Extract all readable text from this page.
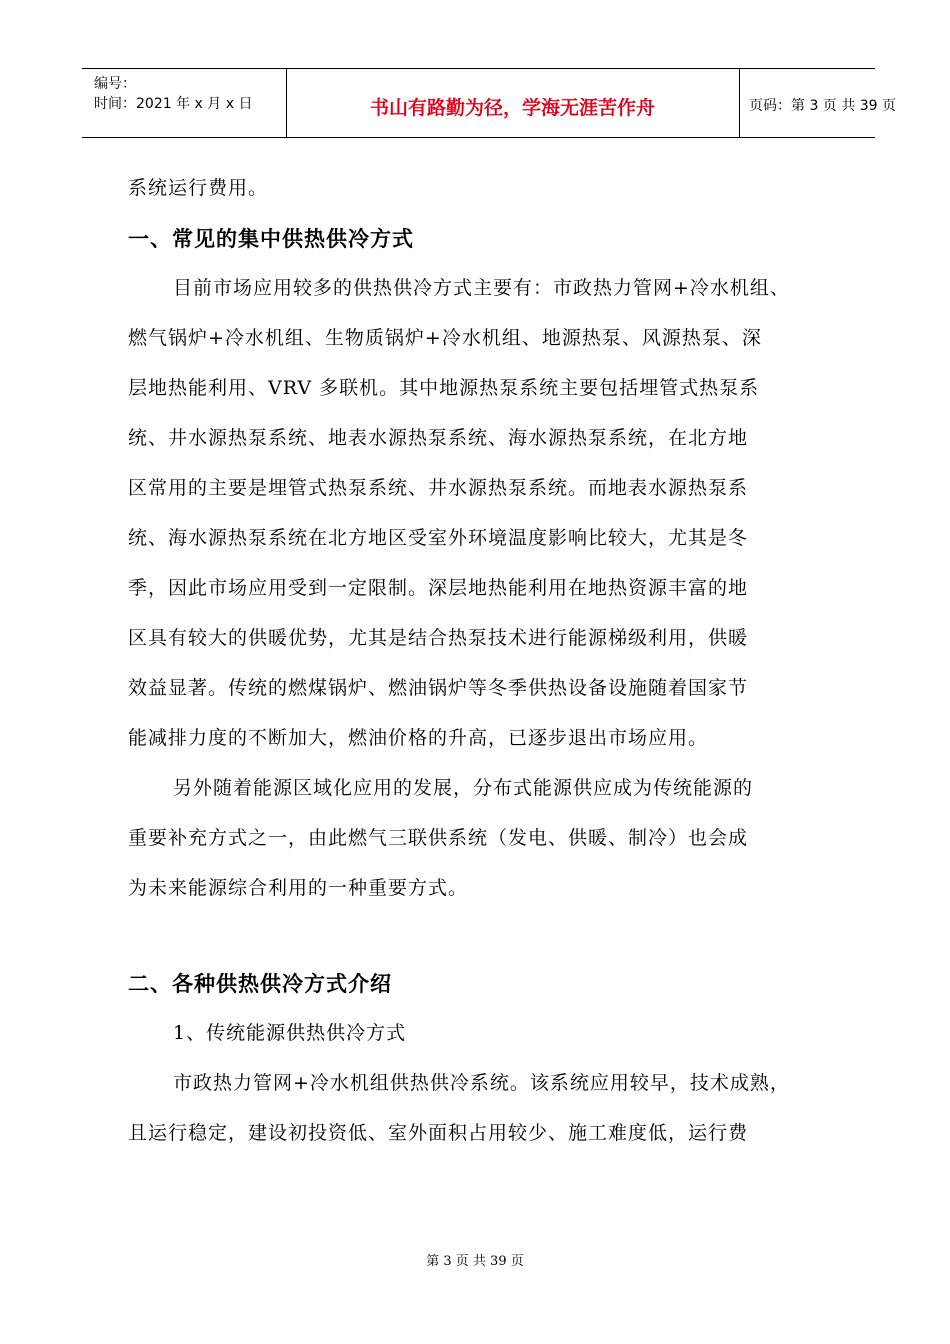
编号：
时间：2021 年 x 月 x 日	书山有路勤为径，学海无涯苦作舟	页码：第 3 页 共 39 页
系统运行费用。
一、常见的集中供热供冷方式
目前市场应用较多的供热供冷方式主要有：市政热力管网+冷水机组、
燃气锅炉+冷水机组、生物质锅炉+冷水机组、地源热泵、风源热泵、深
层地热能利用、VRV 多联机。其中地源热泵系统主要包括埋管式热泵系
统、井水源热泵系统、地表水源热泵系统、海水源热泵系统，在北方地
区常用的主要是埋管式热泵系统、井水源热泵系统。而地表水源热泵系
统、海水源热泵系统在北方地区受室外环境温度影响比较大，尤其是冬
季，因此市场应用受到一定限制。深层地热能利用在地热资源丰富的地
区具有较大的供暖优势，尤其是结合热泵技术进行能源梯级利用，供暖
效益显著。传统的燃煤锅炉、燃油锅炉等冬季供热设备设施随着国家节
能减排力度的不断加大，燃油价格的升高，已逐步退出市场应用。
另外随着能源区域化应用的发展，分布式能源供应成为传统能源的
重要补充方式之一，由此燃气三联供系统（发电、供暖、制冷）也会成
为未来能源综合利用的一种重要方式。
二、各种供热供冷方式介绍
1、传统能源供热供冷方式
市政热力管网+冷水机组供热供冷系统。该系统应用较早，技术成熟，
且运行稳定，建设初投资低、室外面积占用较少、施工难度低，运行费
第 3 页 共 39 页
